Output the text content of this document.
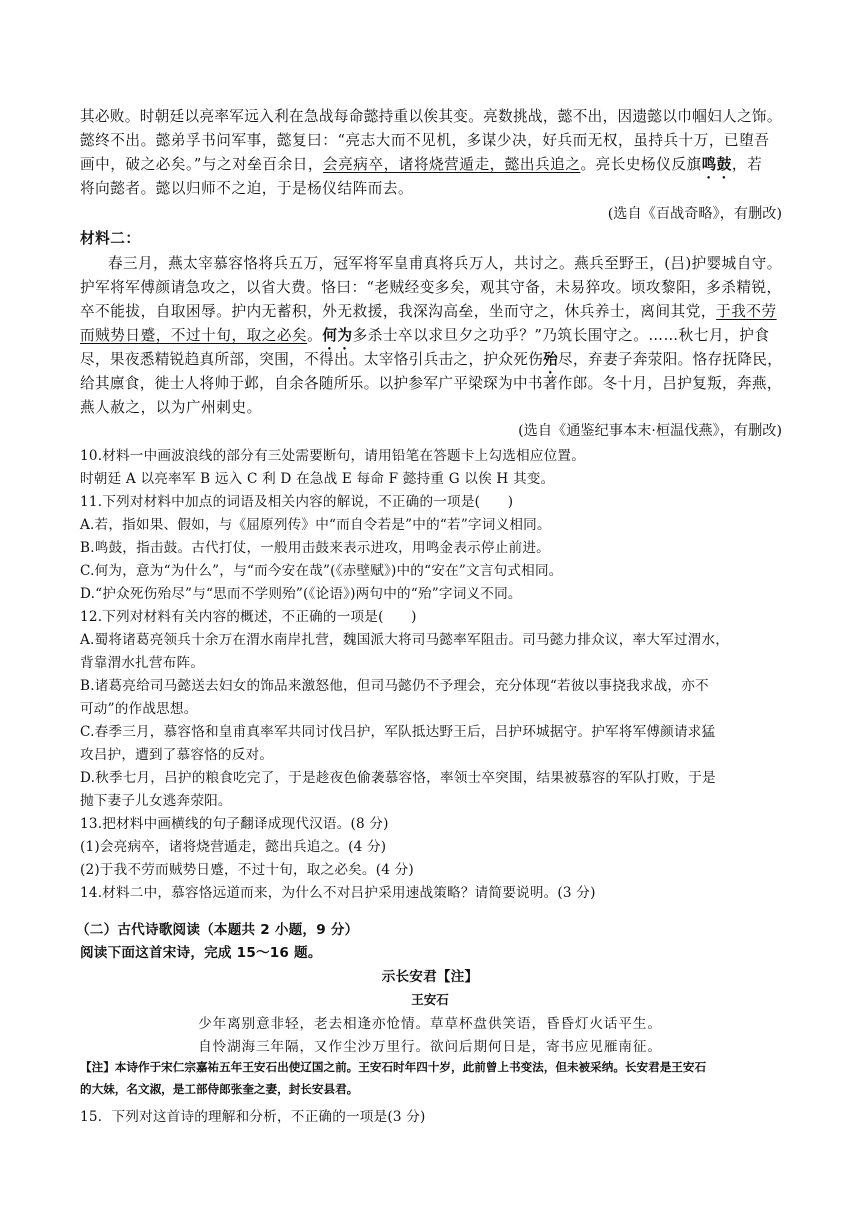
其必败。时朝廷以亮率军远入利在急战每命懿持重以俟其变。亮数挑战，懿不出，因遗懿以巾帼妇人之饰。
懿终不出。懿弟孚书问军事，懿复曰：“亮志大而不见机，多谋少决，好兵而无权，虽持兵十万，已堕吾
画中，破之必矣。”与之对垒百余日，会亮病卒，诸将烧营遁走，懿出兵追之。亮长史杨仪反旗鸣鼓，若
将向懿者。懿以归师不之迫，于是杨仪结阵而去。
(选自《百战奇略》，有删改)
材料二：
春三月，燕太宰慕容恪将兵五万，冠军将军皇甫真将兵万人，共讨之。燕兵至野王，(吕)护婴城自守。
护军将军傅颜请急攻之，以省大费。恪曰：“老贼经变多矣，观其守备，未易猝攻。顷攻黎阳，多杀精锐，
卒不能拔，自取困辱。护内无蓄积，外无救援，我深沟高垒，坐而守之，休兵养士，离间其党，于我不劳
而贼势日蹙，不过十旬，取之必矣。何为多杀士卒以求旦夕之功乎？”乃筑长围守之。……秋七月，护食
尽，果夜悉精锐趋真所部，突围，不得出。太宰恪引兵击之，护众死伤殆尽，弃妻子奔荥阳。恪存抚降民，
给其廪食，徙士人将帅于邺，自余各随所乐。以护参军广平梁琛为中书著作郎。冬十月，吕护复叛，奔燕，
燕人赦之，以为广州刺史。
(选自《通鉴纪事本末·桓温伐燕》，有删改)
10.材料一中画波浪线的部分有三处需要断句，请用铅笔在答题卡上勾选相应位置。
时朝廷 A 以亮率军 B 远入 C 利 D 在急战 E 每命 F 懿持重 G 以俟 H 其变。
11.下列对材料中加点的词语及相关内容的解说，不正确的一项是(　　)
A.若，指如果、假如，与《屈原列传》中“而自令若是”中的“若”字词义相同。
B.鸣鼓，指击鼓。古代打仗，一般用击鼓来表示进攻，用鸣金表示停止前进。
C.何为，意为“为什么”，与“而今安在哉”(《赤壁赋》)中的“安在”文言句式相同。
D.“护众死伤殆尽”与“思而不学则殆”(《论语》)两句中的“殆”字词义不同。
12.下列对材料有关内容的概述，不正确的一项是(　　)
A.蜀将诸葛亮领兵十余万在渭水南岸扎营，魏国派大将司马懿率军阻击。司马懿力排众议，率大军过渭水，
背靠渭水扎营布阵。
B.诸葛亮给司马懿送去妇女的饰品来激怒他，但司马懿仍不予理会，充分体现“若彼以事挠我求战，亦不
可动”的作战思想。
C.春季三月，慕容恪和皇甫真率军共同讨伐吕护，军队抵达野王后，吕护环城据守。护军将军傅颜请求猛
攻吕护，遭到了慕容恪的反对。
D.秋季七月，吕护的粮食吃完了，于是趁夜色偷袭慕容恪，率领士卒突围，结果被慕容的军队打败，于是
抛下妻子儿女逃奔荥阳。
13.把材料中画横线的句子翻译成现代汉语。(8 分)
(1)会亮病卒，诸将烧营遁走，懿出兵追之。(4 分)
(2)于我不劳而贼势日蹙，不过十旬，取之必矣。(4 分)
14.材料二中，慕容恪远道而来，为什么不对吕护采用速战策略？请简要说明。(3 分)
（二）古代诗歌阅读（本题共 2 小题，9 分）
阅读下面这首宋诗，完成 15～16 题。
示长安君【注】
王安石
少年离别意非轻，老去相逢亦怆情。草草杯盘供笑语，昏昏灯火话平生。
自怜湖海三年隔，又作尘沙万里行。欲问后期何日是，寄书应见雁南征。
【注】本诗作于宋仁宗嘉祐五年王安石出使辽国之前。王安石时年四十岁，此前曾上书变法，但未被采纳。长安君是王安石
的大妹，名文淑，是工部侍郎张奎之妻，封长安县君。
15．下列对这首诗的理解和分析，不正确的一项是(3 分)
